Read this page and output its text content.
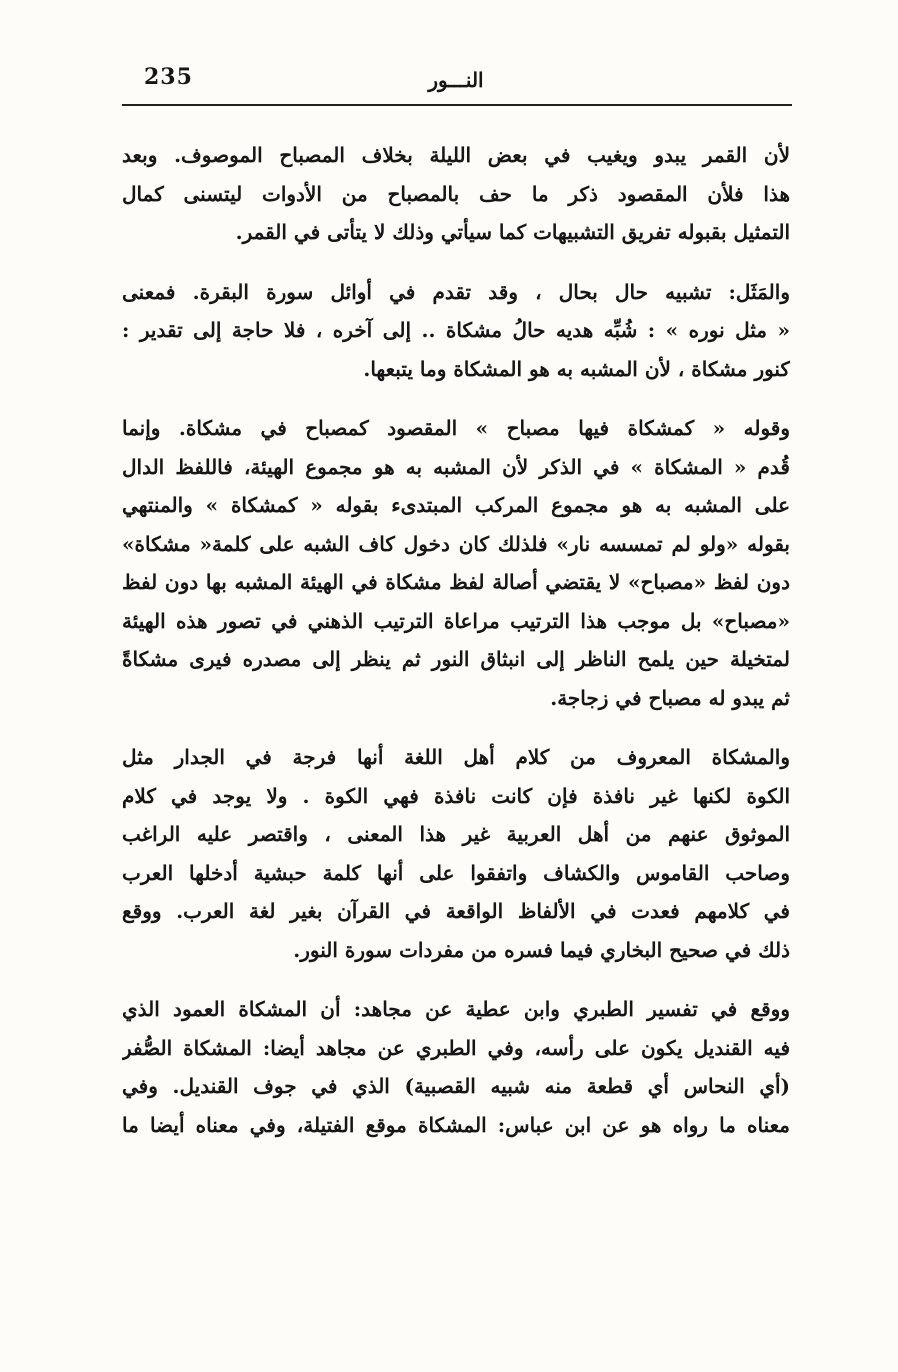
235	النـــور
لأن القمر يبدو ويغيب في بعض الليلة بخلاف المصباح الموصوف. وبعد
هذا فلأن المقصود ذكر ما حف بالمصباح من الأدوات ليتسنى كمال
التمثيل بقبوله تفريق التشبيهات كما سيأتي وذلك لا يتأتى في القمر.
والمَثَل: تشبيه حال بحال ، وقد تقدم في أوائل سورة البقرة. فمعنى
« مثل نوره » : شُبِّه هديه حالُ مشكاة .. إلى آخره ، فلا حاجة إلى تقدير :
كنور مشكاة ، لأن المشبه به هو المشكاة وما يتبعها.
وقوله « كمشكاة فيها مصباح » المقصود كمصباح في مشكاة. وإنما
قُدم « المشكاة » في الذكر لأن المشبه به هو مجموع الهيئة، فاللفظ الدال
على المشبه به هو مجموع المركب المبتدىء بقوله « كمشكاة » والمنتهي
بقوله «ولو لم تمسسه نار» فلذلك كان دخول كاف الشبه على كلمة« مشكاة»
دون لفظ «مصباح» لا يقتضي أصالة لفظ مشكاة في الهيئة المشبه بها دون لفظ
«مصباح» بل موجب هذا الترتيب مراعاة الترتيب الذهني في تصور هذه الهيئة
لمتخيلة حين يلمح الناظر إلى انبثاق النور ثم ينظر إلى مصدره فيرى مشكاةً
ثم يبدو له مصباح في زجاجة.
والمشكاة المعروف من كلام أهل اللغة أنها فرجة في الجدار مثل
الكوة لكنها غير نافذة فإن كانت نافذة فهي الكوة . ولا يوجد في كلام
الموثوق عنهم من أهل العربية غير هذا المعنى ، واقتصر عليه الراغب
وصاحب القاموس والكشاف واتفقوا على أنها كلمة حبشية أدخلها العرب
في كلامهم فعدت في الألفاظ الواقعة في القرآن بغير لغة العرب. ووقع
ذلك في صحيح البخاري فيما فسره من مفردات سورة النور.
ووقع في تفسير الطبري وابن عطية عن مجاهد: أن المشكاة العمود الذي
فيه القنديل يكون على رأسه، وفي الطبري عن مجاهد أيضا: المشكاة الصُّفر
(أي النحاس أي قطعة منه شبيه القصبية) الذي في جوف القنديل. وفي
معناه ما رواه هو عن ابن عباس: المشكاة موقع الفتيلة، وفي معناه أيضا ما
